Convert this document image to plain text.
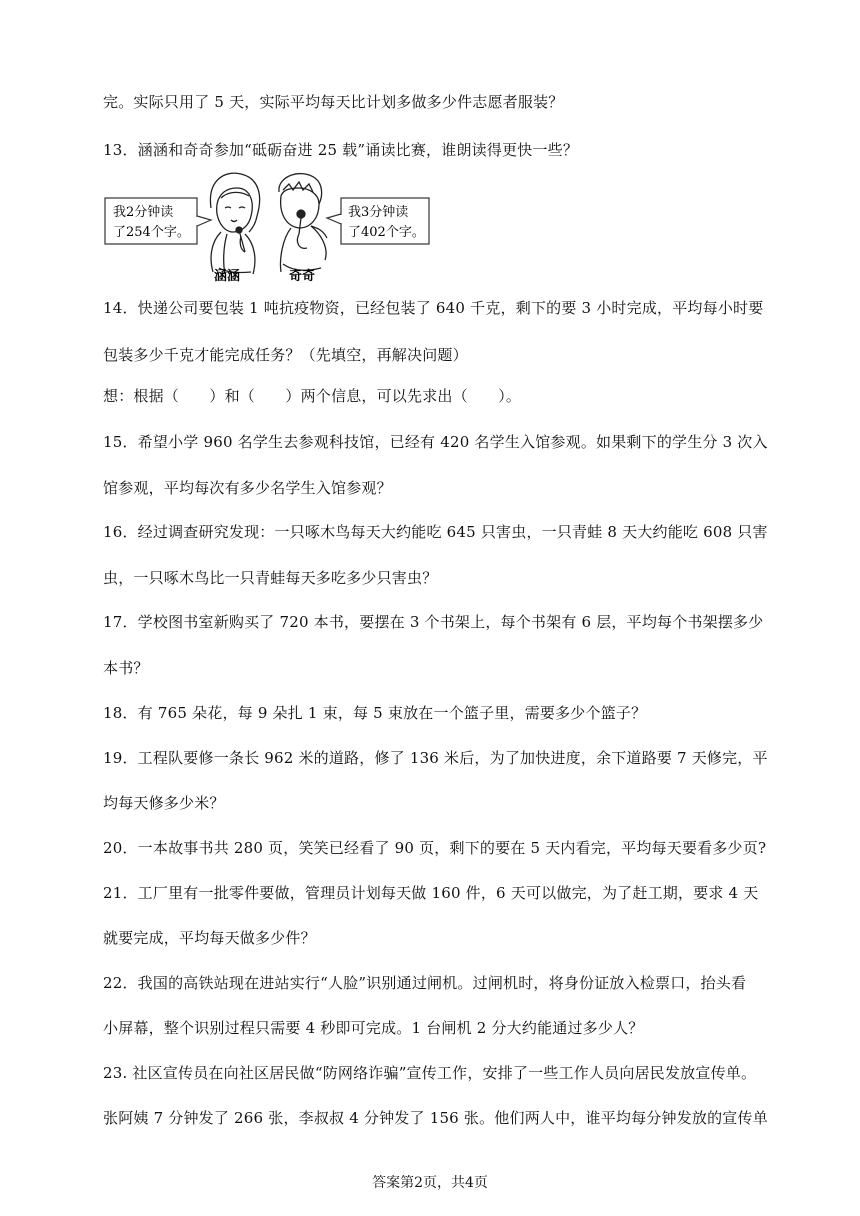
完。实际只用了 5 天，实际平均每天比计划多做多少件志愿者服装？
13．涵涵和奇奇参加“砥砺奋进 25 载”诵读比赛，谁朗读得更快一些？
我2分钟读
了254个字。
涵涵	奇奇
我3分钟读
了402个字。
14．快递公司要包装 1 吨抗疫物资，已经包装了 640 千克，剩下的要 3 小时完成，平均每小时要
包装多少千克才能完成任务？（先填空，再解决问题）
想：根据（　　）和（　　）两个信息，可以先求出（　　）。
15．希望小学 960 名学生去参观科技馆，已经有 420 名学生入馆参观。如果剩下的学生分 3 次入
馆参观，平均每次有多少名学生入馆参观？
16．经过调查研究发现：一只啄木鸟每天大约能吃 645 只害虫，一只青蛙 8 天大约能吃 608 只害
虫，一只啄木鸟比一只青蛙每天多吃多少只害虫？
17．学校图书室新购买了 720 本书，要摆在 3 个书架上，每个书架有 6 层，平均每个书架摆多少
本书？
18．有 765 朵花，每 9 朵扎 1 束，每 5 束放在一个篮子里，需要多少个篮子？
19．工程队要修一条长 962 米的道路，修了 136 米后，为了加快进度，余下道路要 7 天修完，平
均每天修多少米？
20．一本故事书共 280 页，笑笑已经看了 90 页，剩下的要在 5 天内看完，平均每天要看多少页?
21．工厂里有一批零件要做，管理员计划每天做 160 件，6 天可以做完，为了赶工期，要求 4 天
就要完成，平均每天做多少件？
22．我国的高铁站现在进站实行“人脸”识别通过闸机。过闸机时，将身份证放入检票口，抬头看
小屏幕，整个识别过程只需要 4 秒即可完成。1 台闸机 2 分大约能通过多少人？
23. 社区宣传员在向社区居民做“防网络诈骗”宣传工作，安排了一些工作人员向居民发放宣传单。
张阿姨 7 分钟发了 266 张，李叔叔 4 分钟发了 156 张。他们两人中，谁平均每分钟发放的宣传单
答案第2页，共4页
